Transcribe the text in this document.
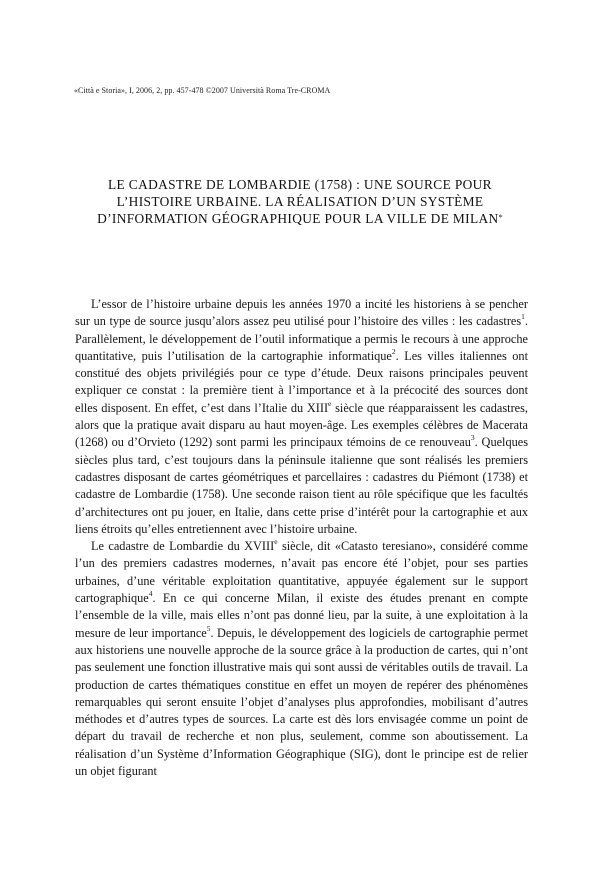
«Città e Storia», I, 2006, 2, pp. 457-478 ©2007 Università Roma Tre-CROMA
LE CADASTRE DE LOMBARDIE (1758) : UNE SOURCE POUR
L’HISTOIRE URBAINE. LA RÉALISATION D’UN SYSTÈME
D’INFORMATION GÉOGRAPHIQUE POUR LA VILLE DE MILAN*

L’essor de l’histoire urbaine depuis les années 1970 a incité les historiens à se pencher sur un type de source jusqu’alors assez peu utilisé pour l’histoire des villes : les cadastres$^1$. Parallèlement, le développement de l’outil informatique a permis le recours à une approche quantitative, puis l’utilisation de la cartographie informatique$^2$. Les villes italiennes ont constitué des objets privilégiés pour ce type d’étude. Deux raisons principales peuvent expliquer ce constat : la première tient à l’importance et à la précocité des sources dont elles disposent. En effet, c’est dans l’Italie du XIIIe siècle que réapparaissent les cadastres, alors que la pratique avait disparu au haut moyen-âge. Les exemples célèbres de Macerata (1268) ou d’Orvieto (1292) sont parmi les principaux témoins de ce renouveau$^3$. Quelques siècles plus tard, c’est toujours dans la péninsule italienne que sont réalisés les premiers cadastres disposant de cartes géométriques et parcellaires : cadastres du Piémont (1738) et cadastre de Lombardie (1758). Une seconde raison tient au rôle spécifique que les facultés d’architectures ont pu jouer, en Italie, dans cette prise d’intérêt pour la cartographie et aux liens étroits qu’elles entretiennent avec l’histoire urbaine.

Le cadastre de Lombardie du XVIIIe siècle, dit «Catasto teresiano», considéré comme l’un des premiers cadastres modernes, n’avait pas encore été l’objet, pour ses parties urbaines, d’une véritable exploitation quantitative, appuyée également sur le support cartographique$^4$. En ce qui concerne Milan, il existe des études prenant en compte l’ensemble de la ville, mais elles n’ont pas donné lieu, par la suite, à une exploitation à la mesure de leur importance$^5$. Depuis, le développement des logiciels de cartographie permet aux historiens une nouvelle approche de la source grâce à la production de cartes, qui n’ont pas seulement une fonction illustrative mais qui sont aussi de véritables outils de travail. La production de cartes thématiques constitue en effet un moyen de repérer des phénomènes remarquables qui seront ensuite l’objet d’analyses plus approfondies, mobilisant d’autres méthodes et d’autres types de sources. La carte est dès lors envisagée comme un point de départ du travail de recherche et non plus, seulement, comme son aboutissement. La réalisation d’un Système d’Information Géographique (SIG), dont le principe est de relier un objet figurant
